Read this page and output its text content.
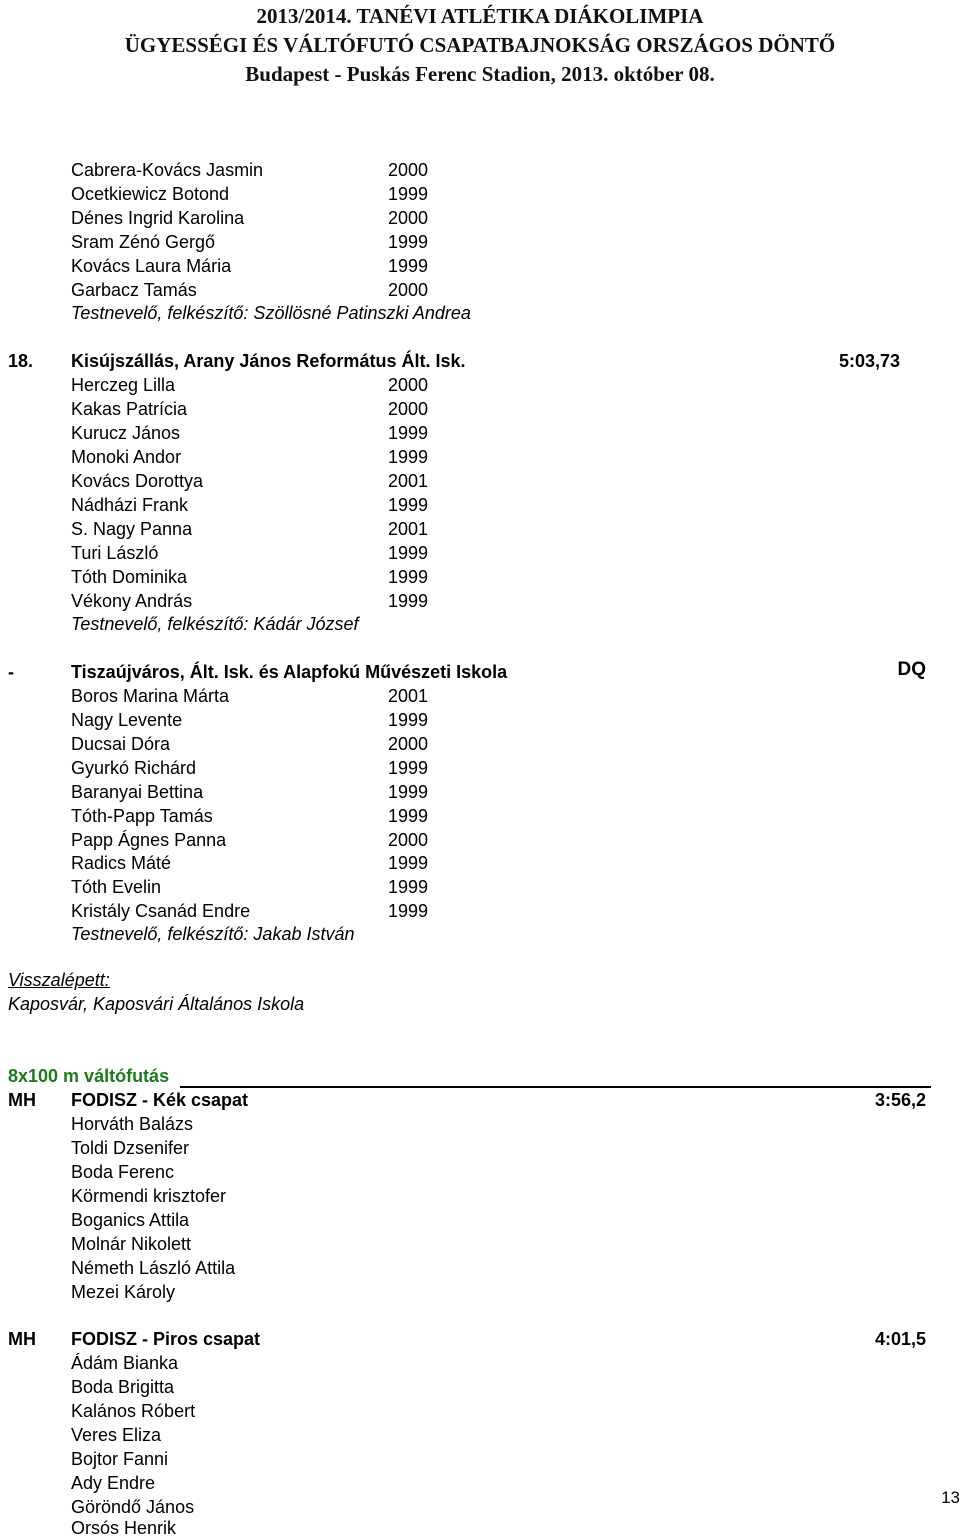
2013/2014. TANÉVI ATLÉTIKA DIÁKOLIMPIA
ÜGYESSÉGI ÉS VÁLTÓFUTÓ CSAPATBAJNOKSÁG ORSZÁGOS DÖNTŐ
Budapest - Puskás Ferenc Stadion, 2013. október 08.
Cabrera-Kovács Jasmin	2000
Ocetkiewicz Botond	1999
Dénes Ingrid Karolina	2000
Sram Zénó Gergő	1999
Kovács Laura Mária	1999
Garbacz Tamás	2000
Testnevelő, felkészítő: Szöllösné Patinszki Andrea
18. Kisújszállás, Arany János Református Ált. Isk.	5:03,73
Herczeg Lilla	2000
Kakas Patrícia	2000
Kurucz János	1999
Monoki Andor	1999
Kovács Dorottya	2001
Nádházi Frank	1999
S. Nagy Panna	2001
Turi László	1999
Tóth Dominika	1999
Vékony András	1999
Testnevelő, felkészítő: Kádár József
-	Tiszaújváros, Ált. Isk. és Alapfokú Művészeti Iskola	DQ
Boros Marina Márta	2001
Nagy Levente	1999
Ducsai Dóra	2000
Gyurkó Richárd	1999
Baranyai Bettina	1999
Tóth-Papp Tamás	1999
Papp Ágnes Panna	2000
Radics Máté	1999
Tóth Evelin	1999
Kristály Csanád Endre	1999
Testnevelő, felkészítő: Jakab István
Visszalépett:
Kaposvár, Kaposvári Általános Iskola
8x100 m váltófutás
MH FODISZ - Kék csapat	3:56,2
Horváth Balázs
Toldi Dzsenifer
Boda Ferenc
Körmendi krisztofer
Boganics Attila
Molnár Nikolett
Németh László Attila
Mezei Károly
MH FODISZ - Piros csapat	4:01,5
Ádám Bianka
Boda Brigitta
Kalános Róbert
Veres Eliza
Bojtor Fanni
Ady Endre
Göröndő János
Orsós Henrik
13
